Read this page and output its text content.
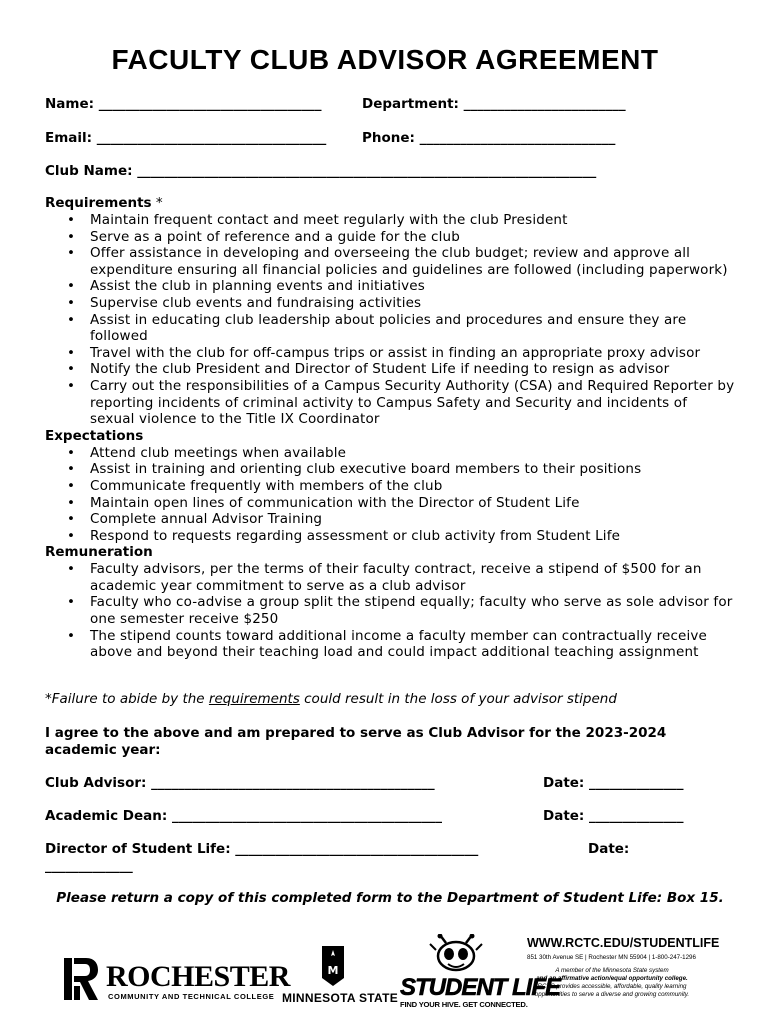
FACULTY CLUB ADVISOR AGREEMENT
Name: _________________________________	Department: ________________________
Email: __________________________________	Phone: _____________________________
Club Name: ____________________________________________________________________
Requirements *
• Maintain frequent contact and meet regularly with the club President
• Serve as a point of reference and a guide for the club
• Offer assistance in developing and overseeing the club budget; review and approve all expenditure ensuring all financial policies and guidelines are followed (including paperwork)
• Assist the club in planning events and initiatives
• Supervise club events and fundraising activities
• Assist in educating club leadership about policies and procedures and ensure they are followed
• Travel with the club for off-campus trips or assist in finding an appropriate proxy advisor
• Notify the club President and Director of Student Life if needing to resign as advisor
• Carry out the responsibilities of a Campus Security Authority (CSA) and Required Reporter by reporting incidents of criminal activity to Campus Safety and Security and incidents of sexual violence to the Title IX Coordinator
Expectations
• Attend club meetings when available
• Assist in training and orienting club executive board members to their positions
• Communicate frequently with members of the club
• Maintain open lines of communication with the Director of Student Life
• Complete annual Advisor Training
• Respond to requests regarding assessment or club activity from Student Life
Remuneration
• Faculty advisors, per the terms of their faculty contract, receive a stipend of $500 for an academic year commitment to serve as a club advisor
• Faculty who co-advise a group split the stipend equally; faculty who serve as sole advisor for one semester receive $250
• The stipend counts toward additional income a faculty member can contractually receive above and beyond their teaching load and could impact additional teaching assignment
*Failure to abide by the requirements could result in the loss of your advisor stipend
I agree to the above and am prepared to serve as Club Advisor for the 2023-2024 academic year:
Club Advisor: __________________________________________	Date: ______________
Academic Dean: ________________________________________	Date: ______________
Director of Student Life: ____________________________________	Date:
_____________
Please return a copy of this completed form to the Department of Student Life: Box 15.
ROCHESTER
COMMUNITY AND TECHNICAL COLLEGE
M
MINNESOTA STATE STUDENT LIFE
FIND YOUR HIVE. GET CONNECTED.
WWW.RCTC.EDU/STUDENTLIFE
851 30th Avenue SE | Rochester MN 55904 | 1-800-247-1296
A member of the Minnesota State system
and an affirmative action/equal opportunity college.
RCTC provides accessible, affordable, quality learning
opportunities to serve a diverse and growing community.
